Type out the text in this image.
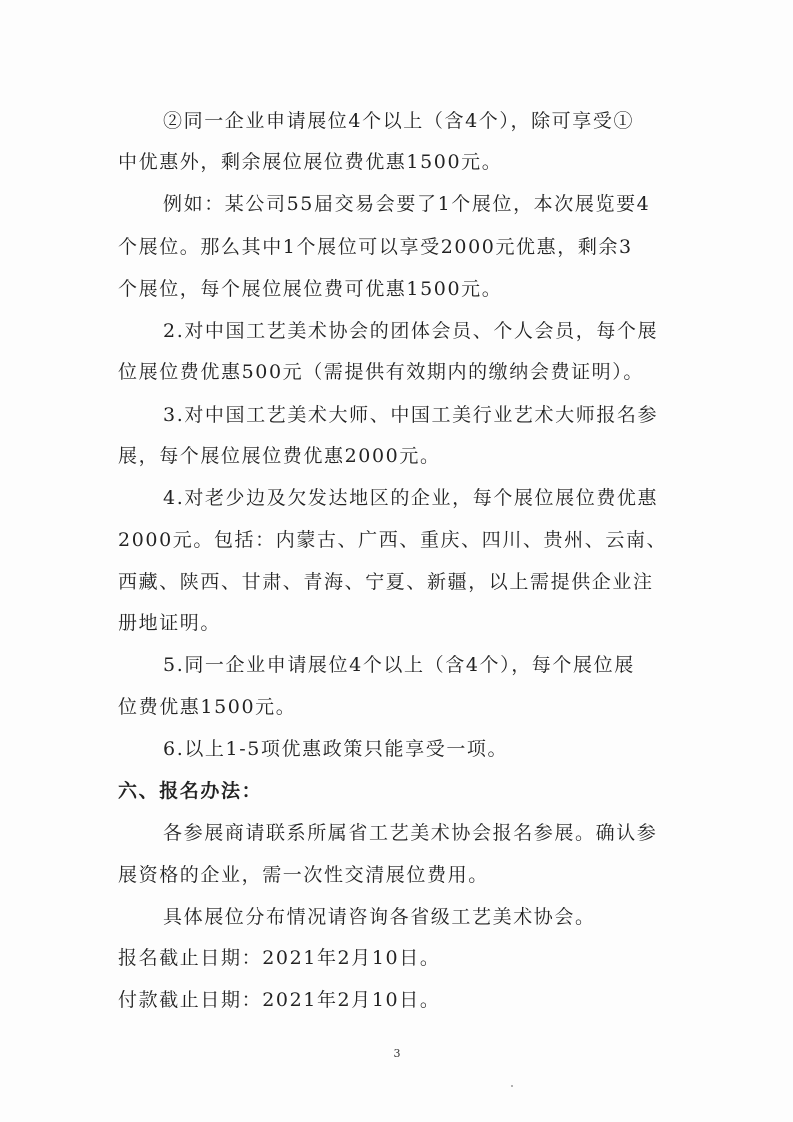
②同一企业申请展位4个以上（含4个），除可享受①
中优惠外，剩余展位展位费优惠1500元。
例如：某公司55届交易会要了1个展位，本次展览要4
个展位。那么其中1个展位可以享受2000元优惠，剩余3
个展位，每个展位展位费可优惠1500元。
2.对中国工艺美术协会的团体会员、个人会员，每个展
位展位费优惠500元（需提供有效期内的缴纳会费证明）。
3.对中国工艺美术大师、中国工美行业艺术大师报名参
展，每个展位展位费优惠2000元。
4.对老少边及欠发达地区的企业，每个展位展位费优惠
2000元。包括：内蒙古、广西、重庆、四川、贵州、云南、
西藏、陕西、甘肃、青海、宁夏、新疆，以上需提供企业注
册地证明。
5.同一企业申请展位4个以上（含4个），每个展位展
位费优惠1500元。
6.以上1-5项优惠政策只能享受一项。
六、报名办法：
各参展商请联系所属省工艺美术协会报名参展。确认参
展资格的企业，需一次性交清展位费用。
具体展位分布情况请咨询各省级工艺美术协会。
报名截止日期：2021年2月10日。
付款截止日期：2021年2月10日。
3
